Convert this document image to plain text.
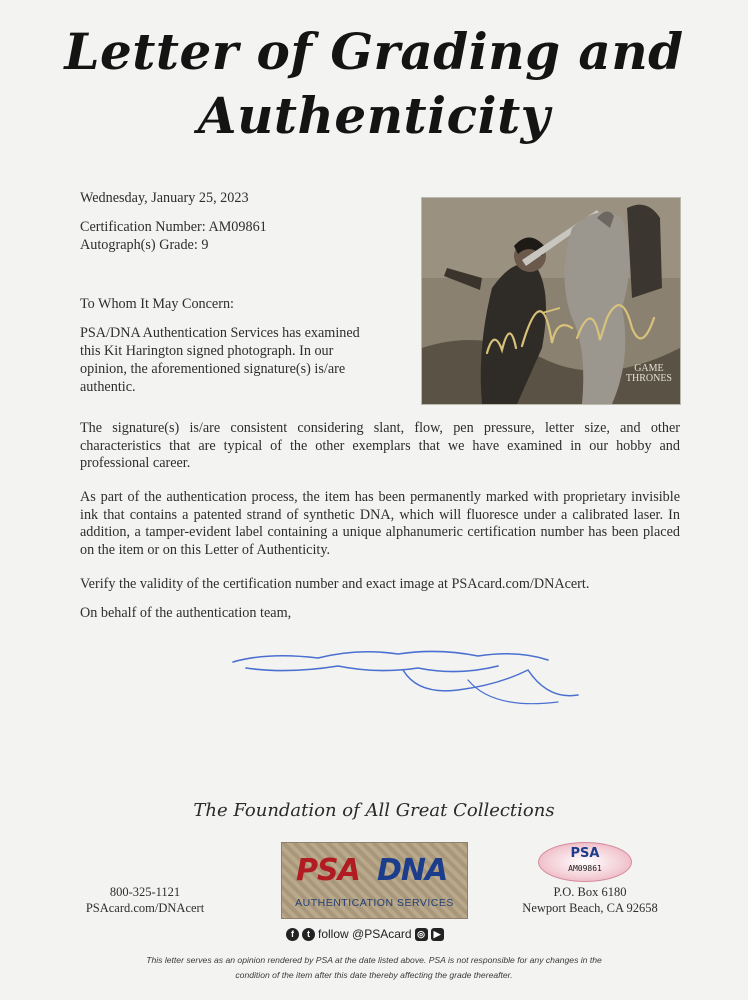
Letter of Grading and
Authenticity
Wednesday, January 25, 2023
Certification Number: AM09861
Autograph(s) Grade: 9
To Whom It May Concern:
PSA/DNA Authentication Services has examined
this Kit Harington signed photograph. In our
opinion, the aforementioned signature(s) is/are
authentic.
GAME
THRONES
The signature(s) is/are consistent considering slant, flow, pen pressure, letter size, and other characteristics that are typical of the other exemplars that we have examined in our hobby and professional career.
As part of the authentication process, the item has been permanently marked with proprietary invisible ink that contains a patented strand of synthetic DNA, which will fluoresce under a calibrated laser. In addition, a tamper-evident label containing a unique alphanumeric certification number has been placed on the item or on this Letter of Authenticity.
Verify the validity of the certification number and exact image at PSAcard.com/DNAcert.
On behalf of the authentication team,
The Foundation of All Great Collections
PSA DNA
AUTHENTICATION SERVICES
f	t follow @PSAcard ◎ ▶
800-325-1121
PSAcard.com/DNAcert
PSA
AM09861
P.O. Box 6180
Newport Beach, CA 92658
This letter serves as an opinion rendered by PSA at the date listed above. PSA is not responsible for any changes in the
condition of the item after this date thereby affecting the grade thereafter.
